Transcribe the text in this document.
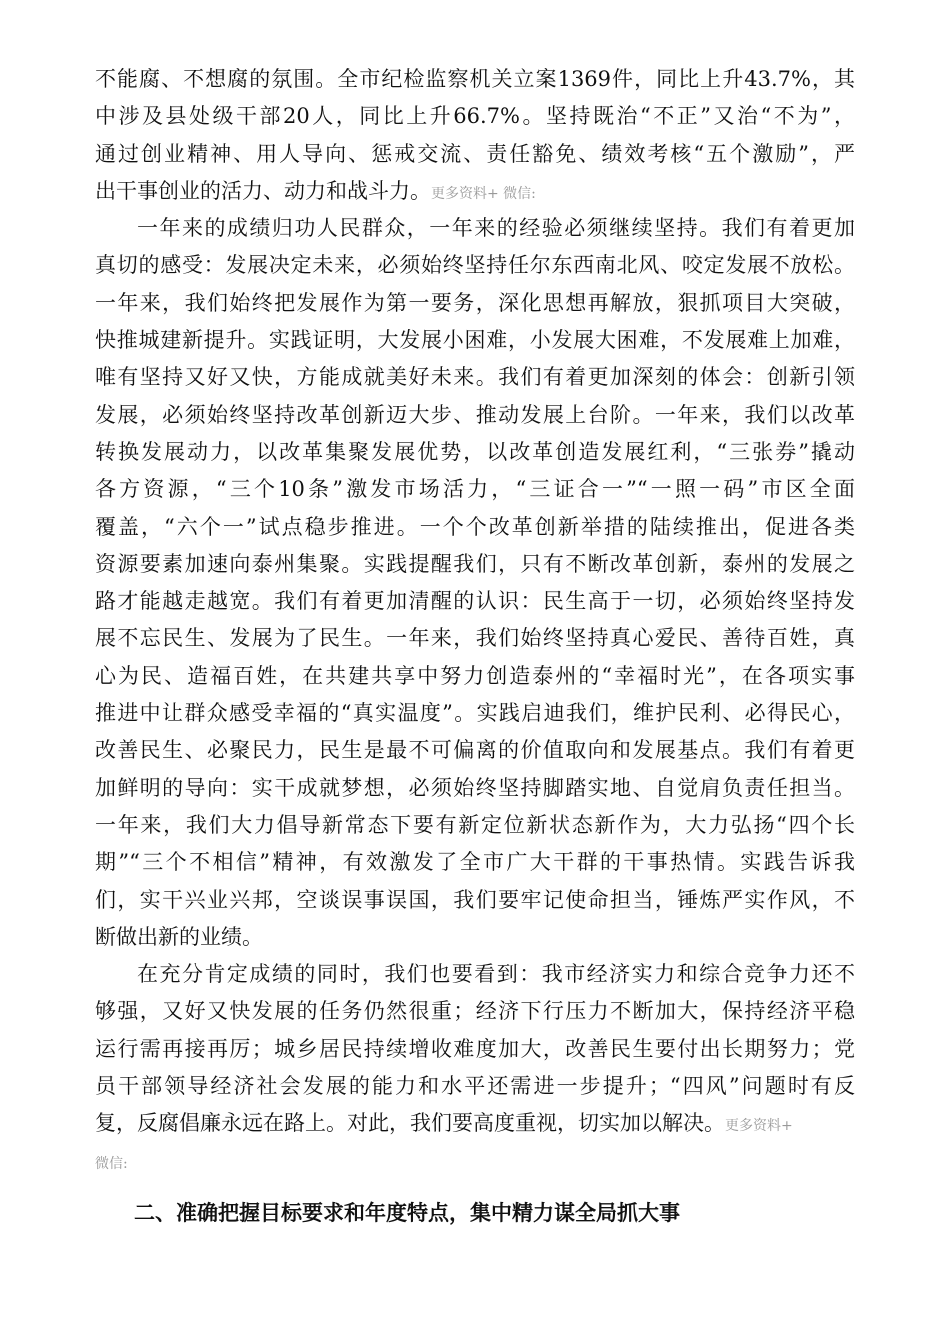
不能腐、不想腐的氛围。全市纪检监察机关立案1369件，同比上升43.7%，其
中涉及县处级干部20人，同比上升66.7%。坚持既治“不正”又治“不为”，
通过创业精神、用人导向、惩戒交流、责任豁免、绩效考核“五个激励”，严
出干事创业的活力、动力和战斗力。更多资料+ 微信:
一年来的成绩归功人民群众，一年来的经验必须继续坚持。我们有着更加
真切的感受：发展决定未来，必须始终坚持任尔东西南北风、咬定发展不放松。
一年来，我们始终把发展作为第一要务，深化思想再解放，狠抓项目大突破，
快推城建新提升。实践证明，大发展小困难，小发展大困难，不发展难上加难，
唯有坚持又好又快，方能成就美好未来。我们有着更加深刻的体会：创新引领
发展，必须始终坚持改革创新迈大步、推动发展上台阶。一年来，我们以改革
转换发展动力，以改革集聚发展优势，以改革创造发展红利，“三张券”撬动
各方资源，“三个10条”激发市场活力，“三证合一”“一照一码”市区全面
覆盖，“六个一”试点稳步推进。一个个改革创新举措的陆续推出，促进各类
资源要素加速向泰州集聚。实践提醒我们，只有不断改革创新，泰州的发展之
路才能越走越宽。我们有着更加清醒的认识：民生高于一切，必须始终坚持发
展不忘民生、发展为了民生。一年来，我们始终坚持真心爱民、善待百姓，真
心为民、造福百姓，在共建共享中努力创造泰州的“幸福时光”，在各项实事
推进中让群众感受幸福的“真实温度”。实践启迪我们，维护民利、必得民心，
改善民生、必聚民力，民生是最不可偏离的价值取向和发展基点。我们有着更
加鲜明的导向：实干成就梦想，必须始终坚持脚踏实地、自觉肩负责任担当。
一年来，我们大力倡导新常态下要有新定位新状态新作为，大力弘扬“四个长
期”“三个不相信”精神，有效激发了全市广大干群的干事热情。实践告诉我
们，实干兴业兴邦，空谈误事误国，我们要牢记使命担当，锤炼严实作风，不
断做出新的业绩。
在充分肯定成绩的同时，我们也要看到：我市经济实力和综合竞争力还不
够强，又好又快发展的任务仍然很重；经济下行压力不断加大，保持经济平稳
运行需再接再厉；城乡居民持续增收难度加大，改善民生要付出长期努力；党
员干部领导经济社会发展的能力和水平还需进一步提升；“四风”问题时有反
复，反腐倡廉永远在路上。对此，我们要高度重视，切实加以解决。更多资料+
微信:
二、准确把握目标要求和年度特点，集中精力谋全局抓大事
